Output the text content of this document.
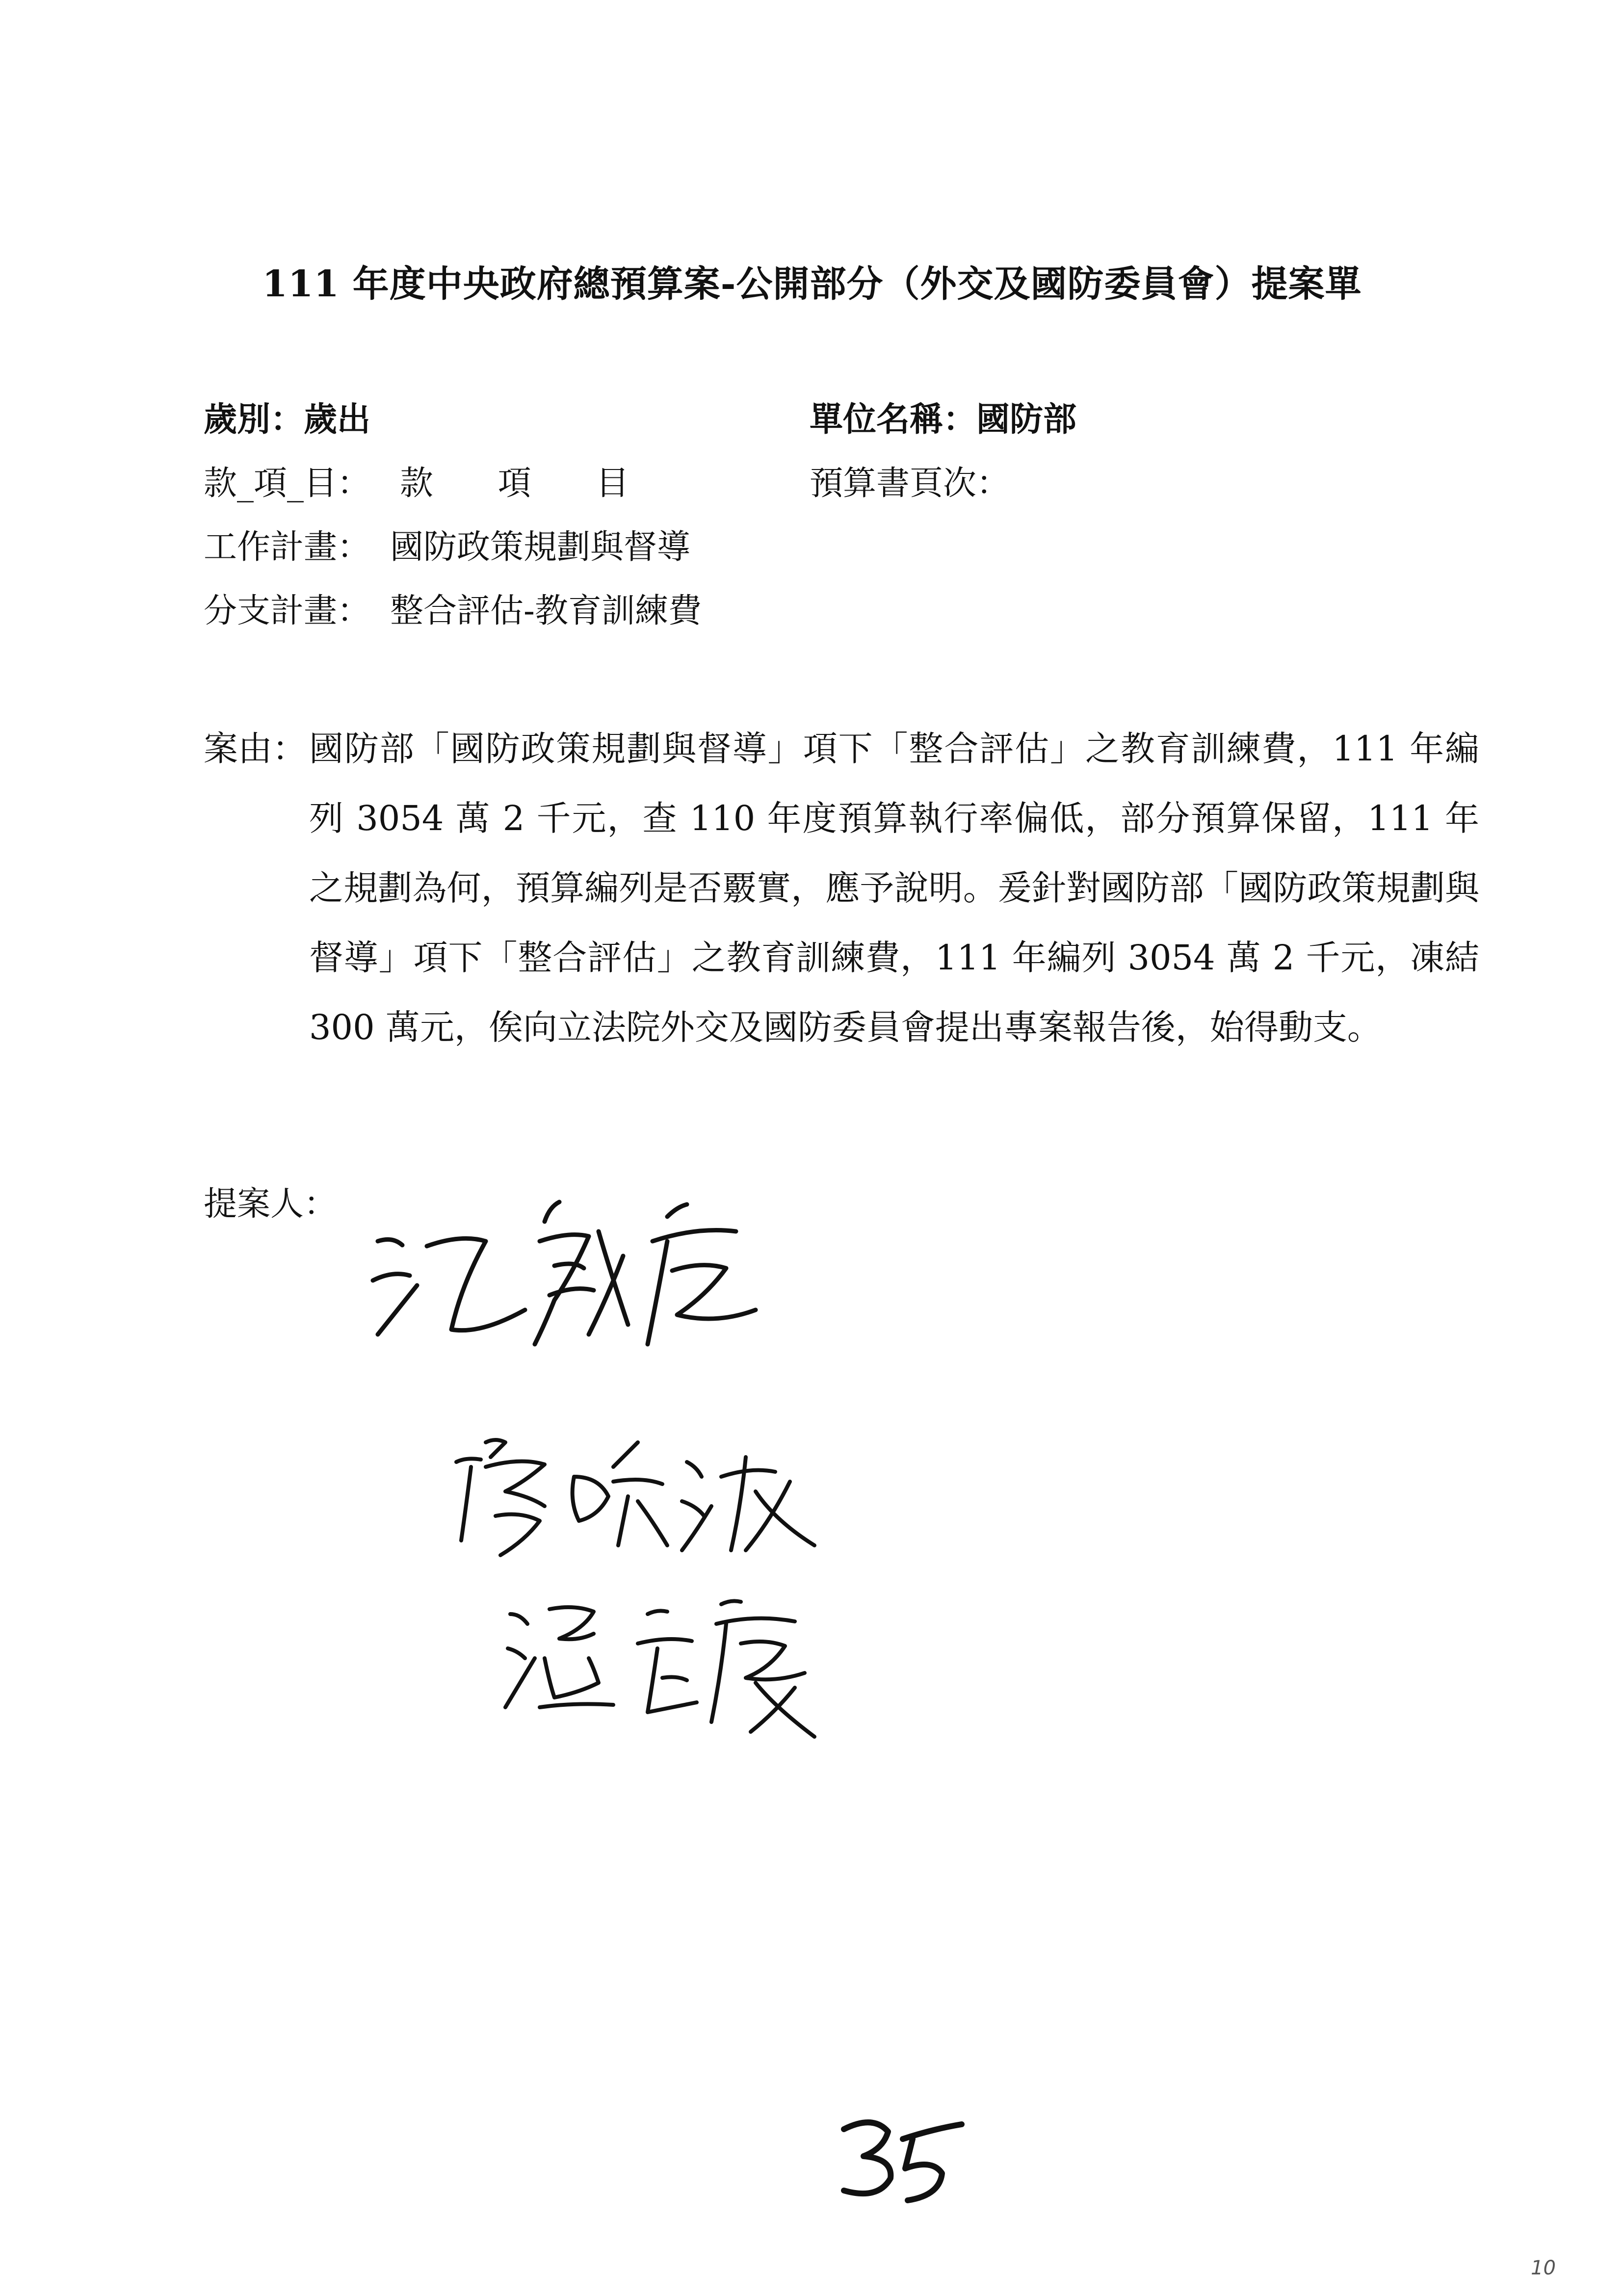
111 年度中央政府總預算案-公開部分（外交及國防委員會）提案單
歲別：歲出
款_項_目： 款 項 目
工作計畫： 國防政策規劃與督導
分支計畫： 整合評估-教育訓練費
單位名稱：國防部
預算書頁次：
案由： 國防部「國防政策規劃與督導」項下「整合評估」之教育訓練費，111 年編列 3054 萬 2 千元，查 110 年度預算執行率偏低，部分預算保留，111 年之規劃為何，預算編列是否覈實，應予說明。爰針對國防部「國防政策規劃與督導」項下「整合評估」之教育訓練費，111 年編列 3054 萬 2 千元，凍結 300 萬元，俟向立法院外交及國防委員會提出專案報告後，始得動支。
提案人：
10
